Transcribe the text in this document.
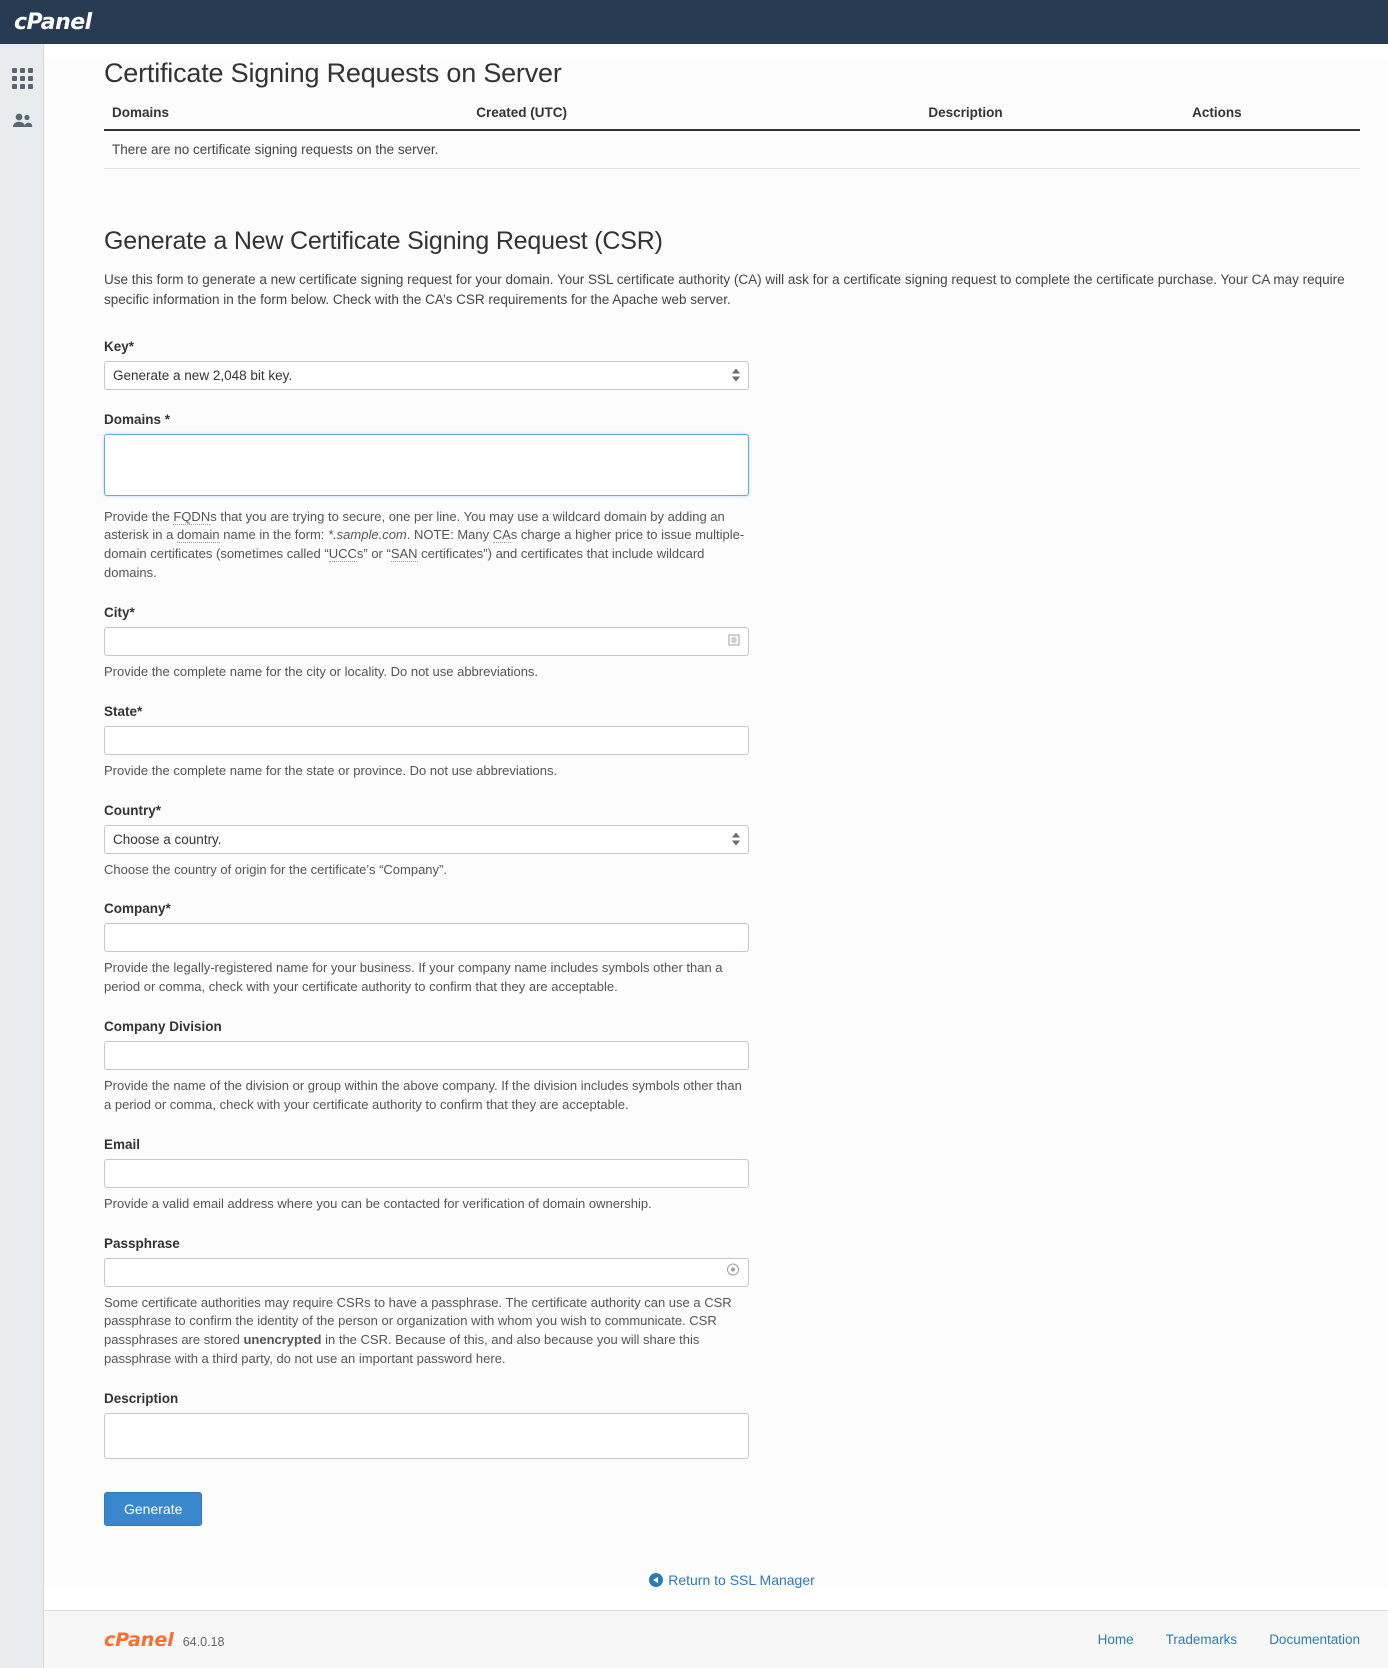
cPanel
Certificate Signing Requests on Server
Domains	Created (UTC)	Description	Actions
There are no certificate signing requests on the server.
Generate a New Certificate Signing Request (CSR)

Use this form to generate a new certificate signing request for your domain. Your SSL certificate authority (CA) will ask for a certificate signing request to complete the certificate purchase. Your CA may require specific information in the form below. Check with the CA’s CSR requirements for the Apache web server.

Key*
Generate a new 2,048 bit key.
Domains *
Provide the FQDNs that you are trying to secure, one per line. You may use a wildcard domain by adding an asterisk in a domain name in the form: *.sample.com. NOTE: Many CAs charge a higher price to issue multiple-domain certificates (sometimes called “UCCs” or “SAN certificates”) and certificates that include wildcard domains.
City*
Provide the complete name for the city or locality. Do not use abbreviations.
State*
Provide the complete name for the state or province. Do not use abbreviations.
Country*
Choose a country.
Choose the country of origin for the certificate’s “Company”.
Company*
Provide the legally-registered name for your business. If your company name includes symbols other than a period or comma, check with your certificate authority to confirm that they are acceptable.
Company Division
Provide the name of the division or group within the above company. If the division includes symbols other than a period or comma, check with your certificate authority to confirm that they are acceptable.
Email
Provide a valid email address where you can be contacted for verification of domain ownership.
Passphrase
Some certificate authorities may require CSRs to have a passphrase. The certificate authority can use a CSR passphrase to confirm the identity of the person or organization with whom you wish to communicate. CSR passphrases are stored unencrypted in the CSR. Because of this, and also because you will share this passphrase with a third party, do not use an important password here.
Description
Generate
Return to SSL Manager
cPanel 64.0.18	Home Trademarks Documentation
